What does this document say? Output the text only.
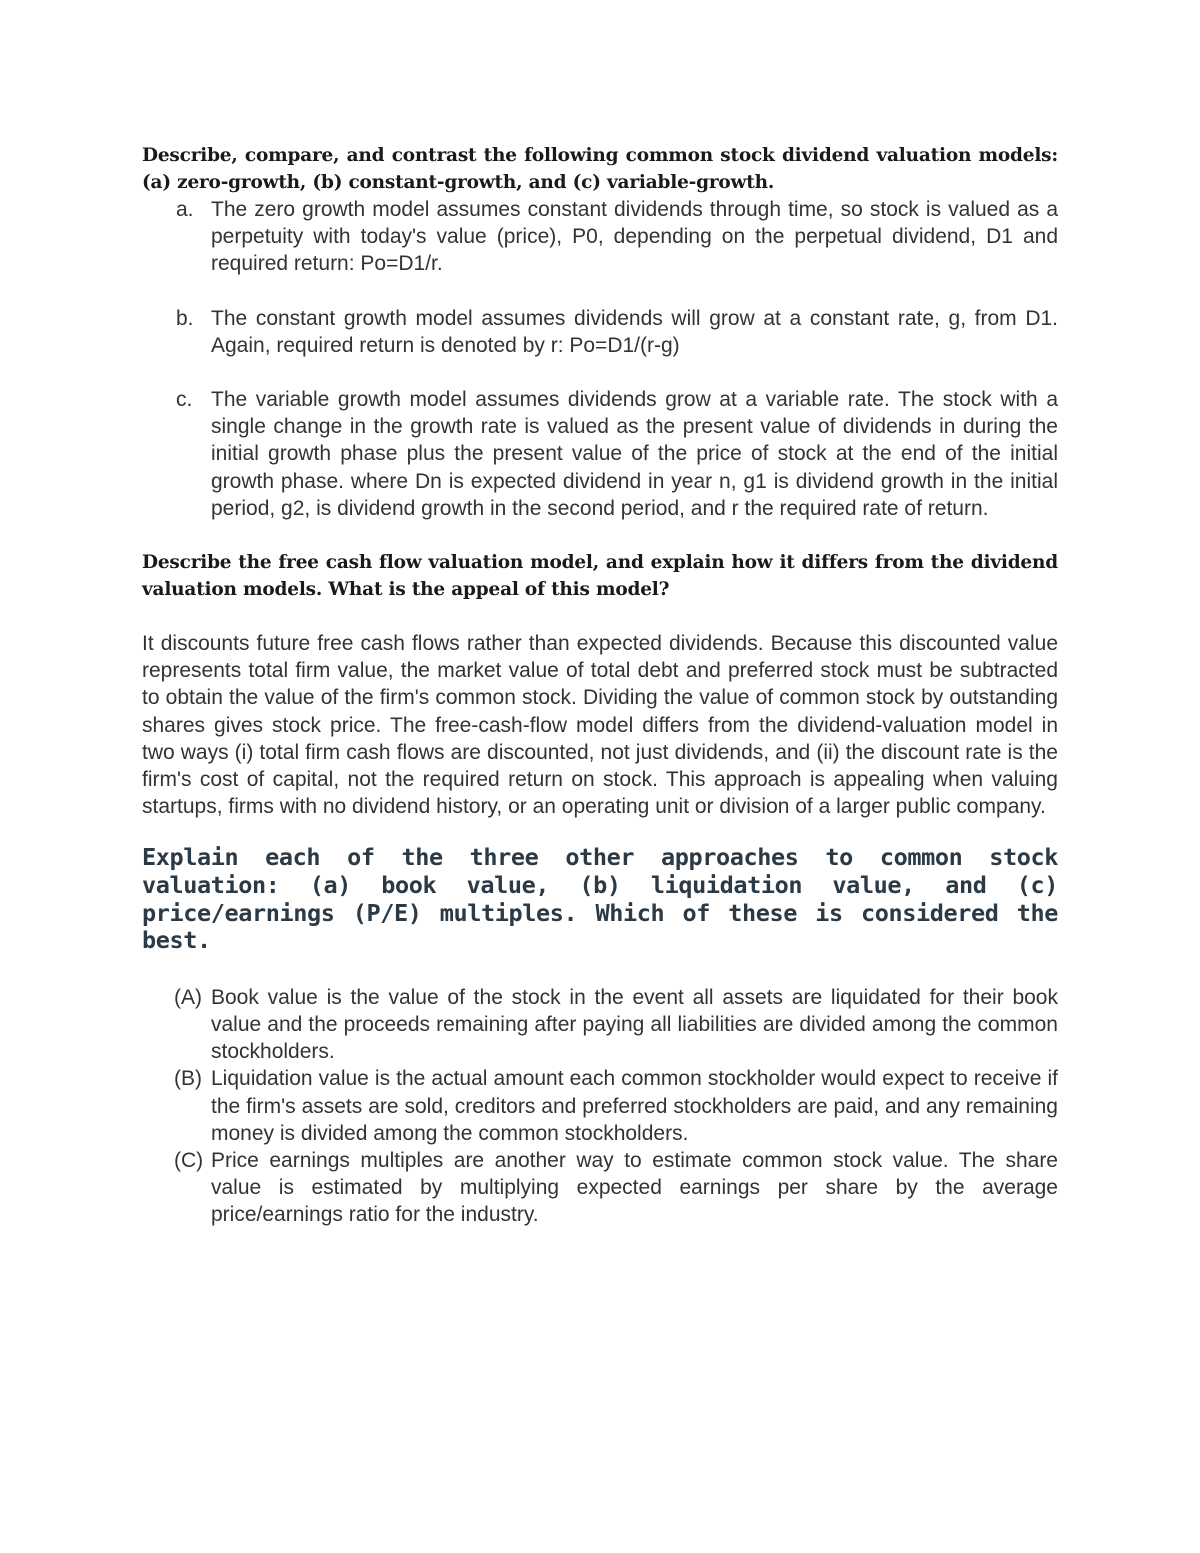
Describe, compare, and contrast the following common stock dividend valuation models: (a) zero-growth, (b) constant-growth, and (c) variable-growth.

a. The zero growth model assumes constant dividends through time, so stock is valued as a perpetuity with today's value (price), P0, depending on the perpetual dividend, D1 and required return: Po=D1/r.
b. The constant growth model assumes dividends will grow at a constant rate, g, from D1. Again, required return is denoted by r: Po=D1/(r-g)
c. The variable growth model assumes dividends grow at a variable rate. The stock with a single change in the growth rate is valued as the present value of dividends in during the initial growth phase plus the present value of the price of stock at the end of the initial growth phase. where Dn is expected dividend in year n, g1 is dividend growth in the initial period, g2, is dividend growth in the second period, and r the required rate of return.

Describe the free cash flow valuation model, and explain how it differs from the dividend valuation models. What is the appeal of this model?

It discounts future free cash flows rather than expected dividends. Because this discounted value represents total firm value, the market value of total debt and preferred stock must be subtracted to obtain the value of the firm's common stock. Dividing the value of common stock by outstanding shares gives stock price. The free-cash-flow model differs from the dividend-valuation model in two ways (i) total firm cash flows are discounted, not just dividends, and (ii) the discount rate is the firm's cost of capital, not the required return on stock. This approach is appealing when valuing startups, firms with no dividend history, or an operating unit or division of a larger public company.

Explain each of the three other approaches to common stock valuation: (a) book value, (b) liquidation value, and (c) price/earnings (P/E) multiples. Which of these is considered the best.

(A) Book value is the value of the stock in the event all assets are liquidated for their book value and the proceeds remaining after paying all liabilities are divided among the common stockholders.
(B) Liquidation value is the actual amount each common stockholder would expect to receive if the firm's assets are sold, creditors and preferred stockholders are paid, and any remaining money is divided among the common stockholders.
(C) Price earnings multiples are another way to estimate common stock value. The share value is estimated by multiplying expected earnings per share by the average price/earnings ratio for the industry.
